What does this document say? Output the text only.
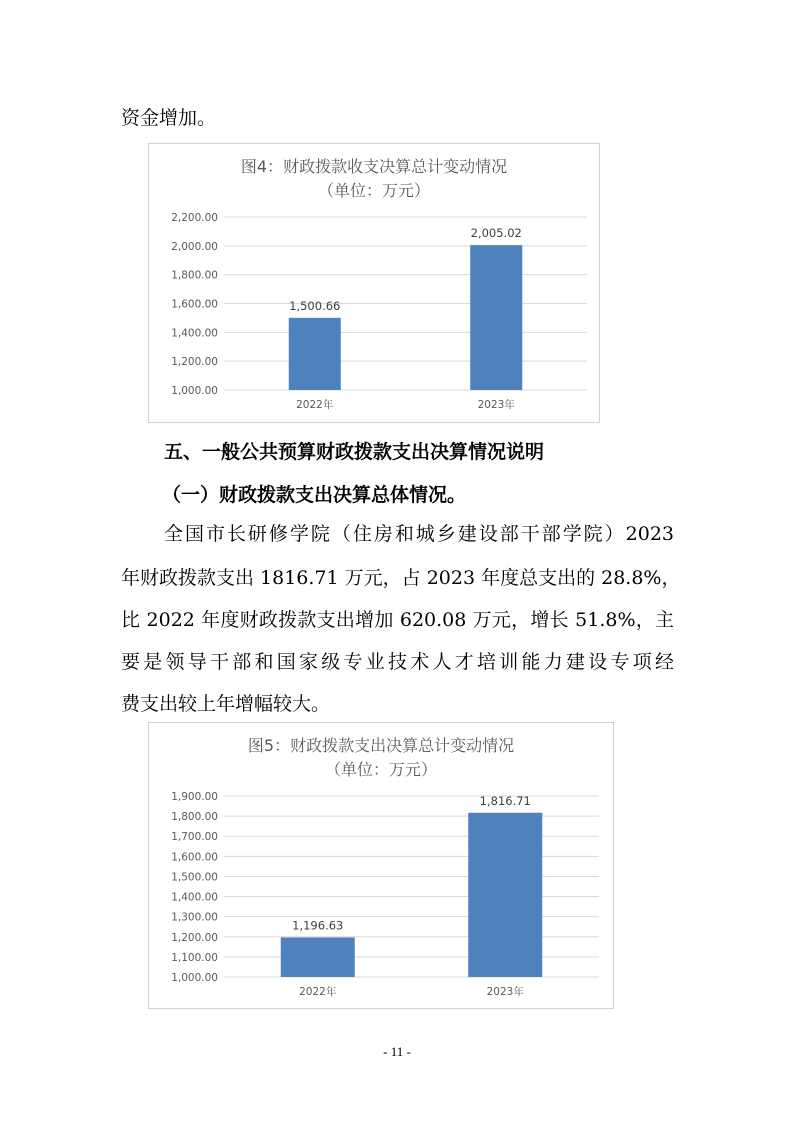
资金增加。
图4：财政拨款收支决算总计变动情况
（单位：万元）
1,000.00
1,200.00
1,400.00
1,600.00
1,800.00
2,000.00
2,200.00
1,500.66
2022年
2,005.02
2023年
五、一般公共预算财政拨款支出决算情况说明
（一）财政拨款支出决算总体情况。
全国市长研修学院（住房和城乡建设部干部学院）2023
年财政拨款支出 1816.71 万元，占 2023 年度总支出的 28.8%，
比 2022 年度财政拨款支出增加 620.08 万元，增长 51.8%，主
要是领导干部和国家级专业技术人才培训能力建设专项经
费支出较上年增幅较大。
图5：财政拨款支出决算总计变动情况
（单位：万元）
1,000.00
1,100.00
1,200.00
1,300.00
1,400.00
1,500.00
1,600.00
1,700.00
1,800.00
1,900.00
1,196.63
2022年
1,816.71
2023年
- 11 -
